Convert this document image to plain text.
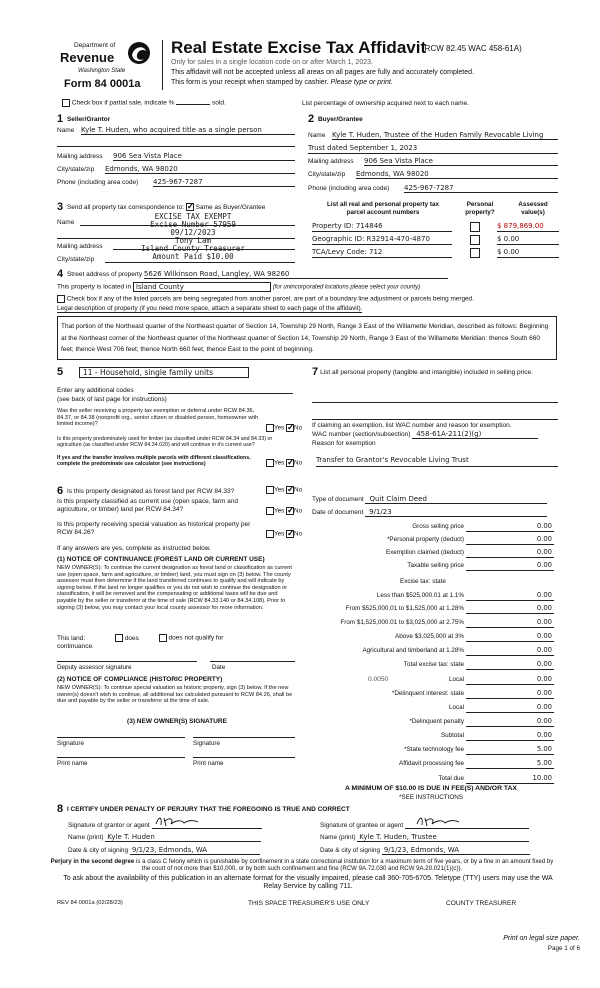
Department of
Revenue
Washington State
Form 84 0001a
Real Estate Excise Tax Affidavit
(RCW 82.45 WAC 458-61A)
Only for sales in a single location code on or after March 1, 2023.
This affidavit will not be accepted unless all areas on all pages are fully and accurately completed.
This form is your receipt when stamped by cashier. Please type or print.
Check box if partial sale, indicate %	sold.	List percentage of ownership acquired next to each name.
1 Seller/Grantor
Name Kyle T. Huden, who acquired title as a single person
Mailing address 906 Sea Vista Place
City/state/zip Edmonds, WA 98020
Phone (including area code) 425-967-7287
2 Buyer/Grantee
Name Kyle T. Huden, Trustee of the Huden Family Revocable Living
Trust dated September 1, 2023
Mailing address 906 Sea Vista Place
City/state/zip Edmonds, WA 98020
Phone (including area code) 425-967-7287
3 Send all property tax correspondence to: ✓ Same as Buyer/Grantee
Name
Mailing address
City/state/zip
EXCISE TAX EXEMPT
Excise Number 57959
09/12/2023
Tony Lam
Island County Treasurer
Amount Paid $10.00
List all real and personal property tax
parcel account numbers
Personal
property?
Assessed
value(s)
Property ID: 714846	$ 879,869.00
Geographic ID: R32914-470-4870	$ 0.00
TCA/Levy Code: 712	$ 0.00
4 Street address of property 5626 Wilkinson Road, Langley, WA 98260
This property is located in Island County	(for unincorporated locations please select your county)
Check box if any of the listed parcels are being segregated from another parcel, are part of a boundary line adjustment or parcels being merged.
Legal description of property (if you need more space, attach a separate sheet to each page of the affidavit).
That portion of the Northeast quarter of the Northeast quarter of Section 14, Township 29 North, Range 3 East of the Willamette Meridian, described as follows: Beginning at the Northeast corner of the Northeast quarter of the Northeast quarter of Section 14, Township 29 North, Range 3 East of the Willamette Meridian: thence South 660 feet; thence West 706 feet; thence North 660 feet; thence East to the point of beginning.
5	11 - Household, single family units
Enter any additional codes
(see back of last page for instructions)
Was the seller receiving a property tax exemption or deferral under RCW 84.36, 84.37, or 84.38 (nonprofit org., senior citizen or disabled person, homeowner with limited income)?
Yes ✓ No
Is this property predominately used for timber (as classified under RCW 84.34 and 84.33) or agriculture (as classified under RCW 84.34.020) and will continue in it's current use?
If yes and the transfer involves multiple parcels with different classifications, complete the predominate use calculator (see instructions)	Yes ✓ No
6 Is this property designated as forest land per RCW 84.33?	Yes ✓ No
Is this property classified as current use (open space, farm and agriculture, or timber) land per RCW 84.34?	Yes ✓ No
Is this property receiving special valuation as historical property per RCW 84.26?	Yes ✓ No
If any answers are yes, complete as instructed below.
(1) NOTICE OF CONTINUANCE (FOREST LAND OR CURRENT USE)
NEW OWNER(S): To continue the current designation as forest land or classification as current use (open space, farm and agriculture, or timber) land, you must sign on (3) below. The county assessor must then determine if the land transferred continues to qualify and will indicate by signing below. If the land no longer qualifies or you do not wish to continue the designation or classification, it will be removed and the compensating or additional taxes will be due and payable by the seller or transferor at the time of sale (RCW 84.33.140 or 84.34.108). Prior to signing (3) below, you may contact your local county assessor for more information.
This land:	does	does not qualify for
continuance.
Deputy assessor signature	Date
(2) NOTICE OF COMPLIANCE (HISTORIC PROPERTY)
NEW OWNER(S): To continue special valuation as historic property, sign (3) below. If the new owner(s) doesn't wish to continue, all additional tax calculated pursuant to RCW 84.26, shall be due and payable by the seller or transferor at the time of sale.
(3) NEW OWNER(S) SIGNATURE
Signature	Signature
Print name	Print name
7 List all personal property (tangible and intangible) included in selling price.
If claiming an exemption, list WAC number and reason for exemption.
WAC number (section/subsection) 458-61A-211(2)(g)
Reason for exemption
Transfer to Grantor's Revocable Living Trust
Type of document Quit Claim Deed
Date of document 9/1/23
Gross selling price	0.00
*Personal property (deduct)	0.00
Exemption claimed (deduct)	0.00
Taxable selling price	0.00
Excise tax: state
Less than $525,000.01 at 1.1%	0.00
From $525,000.01 to $1,525,000 at 1.28%	0.00
From $1,525,000.01 to $3,025,000 at 2.75%	0.00
Above $3,025,000 at 3%	0.00
Agricultural and timberland at 1.28%	0.00
Total excise tax: state	0.00
0.0050	Local	0.00
*Delinquent interest: state	0.00
Local	0.00
*Delinquent penalty	0.00
Subtotal	0.00
*State technology fee	5.00
Affidavit processing fee	5.00
Total due	10.00
A MINIMUM OF $10.00 IS DUE IN FEE(S) AND/OR TAX
*SEE INSTRUCTIONS
8 I CERTIFY UNDER PENALTY OF PERJURY THAT THE FOREGOING IS TRUE AND CORRECT
Signature of grantor or agent
Name (print) Kyle T. Huden
Date & city of signing 9/1/23, Edmonds, WA
Signature of grantee or agent
Name (print) Kyle T. Huden, Trustee
Date & city of signing 9/1/23, Edmonds, WA
Perjury in the second degree is a class C felony which is punishable by confinement in a state correctional institution for a maximum term of five years, or by a fine in an amount fixed by the court of not more than $10,000, or by both such confinement and fine (RCW 9A.72.030 and RCW 9A.20.021(1)(c)).
To ask about the availability of this publication in an alternate format for the visually impaired, please call 360-705-6705. Teletype (TTY) users may use the WA Relay Service by calling 711.
REV 84 0001a (02/28/23)	THIS SPACE TREASURER'S USE ONLY	COUNTY TREASURER
Print on legal size paper.
Page 1 of 6
